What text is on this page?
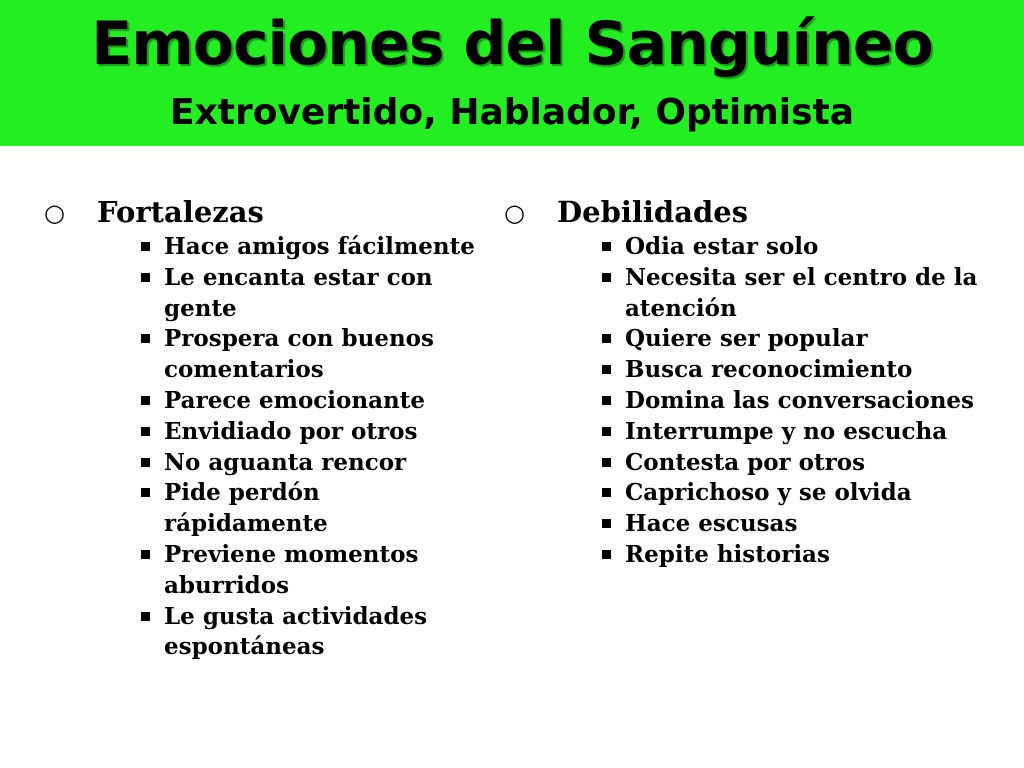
Emociones del Sanguíneo
Extrovertido, Hablador, Optimista
○ Fortalezas
Hace amigos fácilmente
Le encanta estar con gente
Prospera con buenos comentarios
Parece emocionante
Envidiado por otros
No aguanta rencor
Pide perdón rápidamente
Previene momentos aburridos
Le gusta actividades espontáneas
○ Debilidades
Odia estar solo
Necesita ser el centro de la atención
Quiere ser popular
Busca reconocimiento
Domina las conversaciones
Interrumpe y no escucha
Contesta por otros
Caprichoso y se olvida
Hace escusas
Repite historias
